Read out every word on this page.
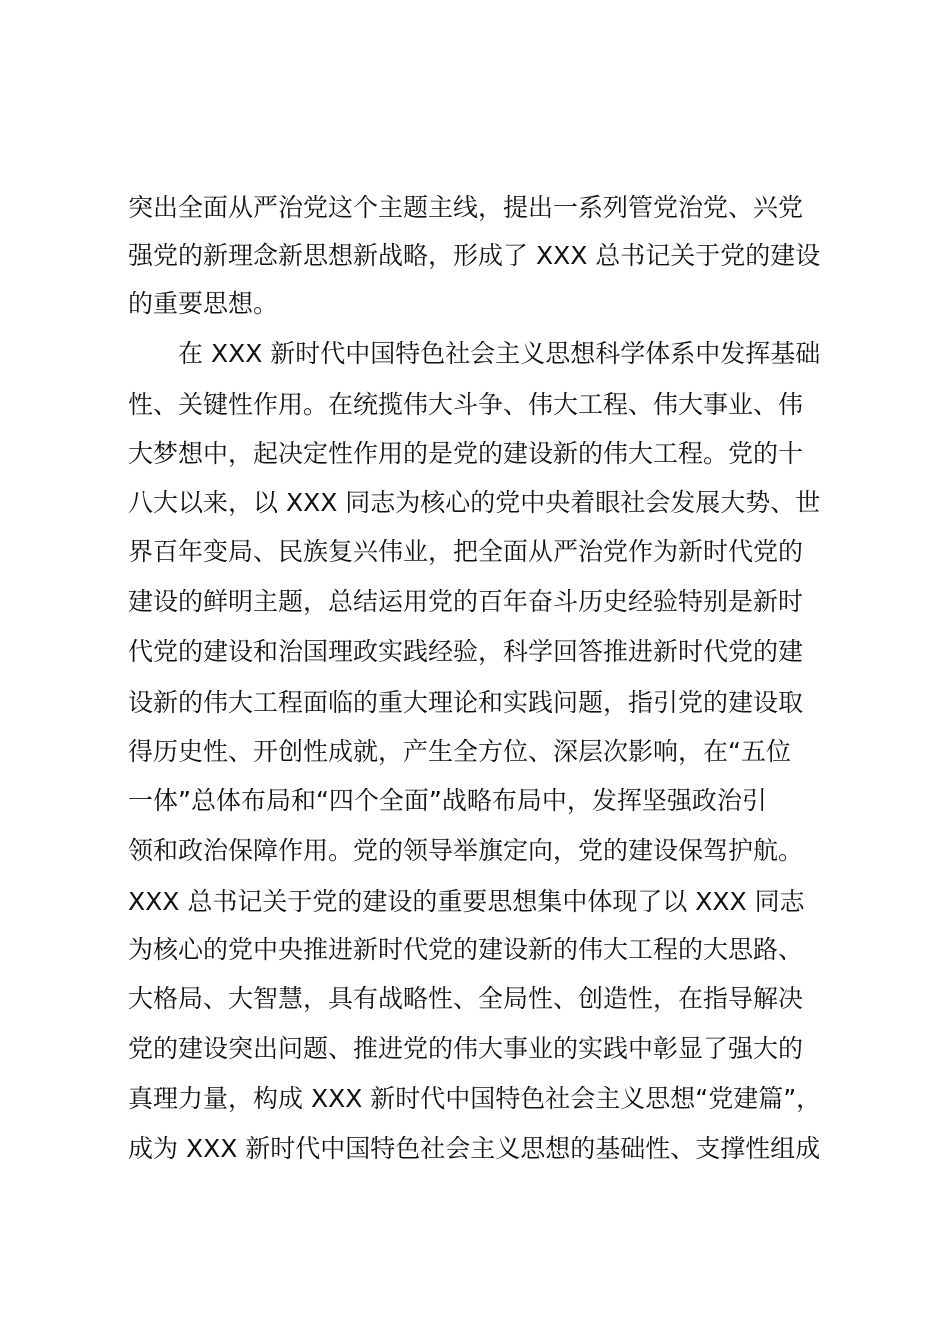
突出全面从严治党这个主题主线，提出一系列管党治党、兴党
强党的新理念新思想新战略，形成了 XXX 总书记关于党的建设
的重要思想。
在 XXX 新时代中国特色社会主义思想科学体系中发挥基础
性、关键性作用。在统揽伟大斗争、伟大工程、伟大事业、伟
大梦想中，起决定性作用的是党的建设新的伟大工程。党的十
八大以来，以 XXX 同志为核心的党中央着眼社会发展大势、世
界百年变局、民族复兴伟业，把全面从严治党作为新时代党的
建设的鲜明主题，总结运用党的百年奋斗历史经验特别是新时
代党的建设和治国理政实践经验，科学回答推进新时代党的建
设新的伟大工程面临的重大理论和实践问题，指引党的建设取
得历史性、开创性成就，产生全方位、深层次影响，在“五位
一体”总体布局和“四个全面”战略布局中，发挥坚强政治引
领和政治保障作用。党的领导举旗定向，党的建设保驾护航。
XXX 总书记关于党的建设的重要思想集中体现了以 XXX 同志
为核心的党中央推进新时代党的建设新的伟大工程的大思路、
大格局、大智慧，具有战略性、全局性、创造性，在指导解决
党的建设突出问题、推进党的伟大事业的实践中彰显了强大的
真理力量，构成 XXX 新时代中国特色社会主义思想“党建篇”，
成为 XXX 新时代中国特色社会主义思想的基础性、支撑性组成
